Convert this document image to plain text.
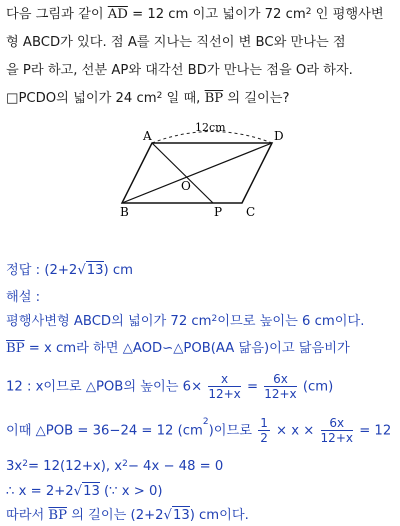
다음 그림과 같이 $\overline{AD} = 12$ cm 이고 넓이가 72 $cm^2$ 인 평행사변
형 ABCD가 있다. 점 A를 지나는 직선이 변 BC와 만나는 점
을 P라 하고, 선분 AP와 대각선 BD가 만나는 점을 O라 하자.
□PCDO의 넓이가 24 $cm^2$ 일 때, $\overline{BP}$ 의 길이는?
A	D
B	C
P
O
12cm
정답 : (2+2√13) cm
해설 :
평행사변형 ABCD의 넓이가 72 $cm^2$이므로 높이는 6 cm이다.
$\overline{BP} = x$ cm라 하면 △AOD∽△POB(AA 닮음)이고 닮음비가
12 : x이므로 △POB의 높이는 $6\times \frac{x}{12+x} = \frac{6x}{12+x} (cm)$
이때 △POB = 36−24 = 12 $(cm^2)$이므로 $\frac{1}{2} \times x \times \frac{6x}{12+x} = 12$
$3x^2= 12(12+x)$, $x^2- 4x - 48 = 0$
∴ x = 2+2√13 (∵ x > 0)
따라서 $\overline{BP}$ 의 길이는 (2+2√13) cm이다.
